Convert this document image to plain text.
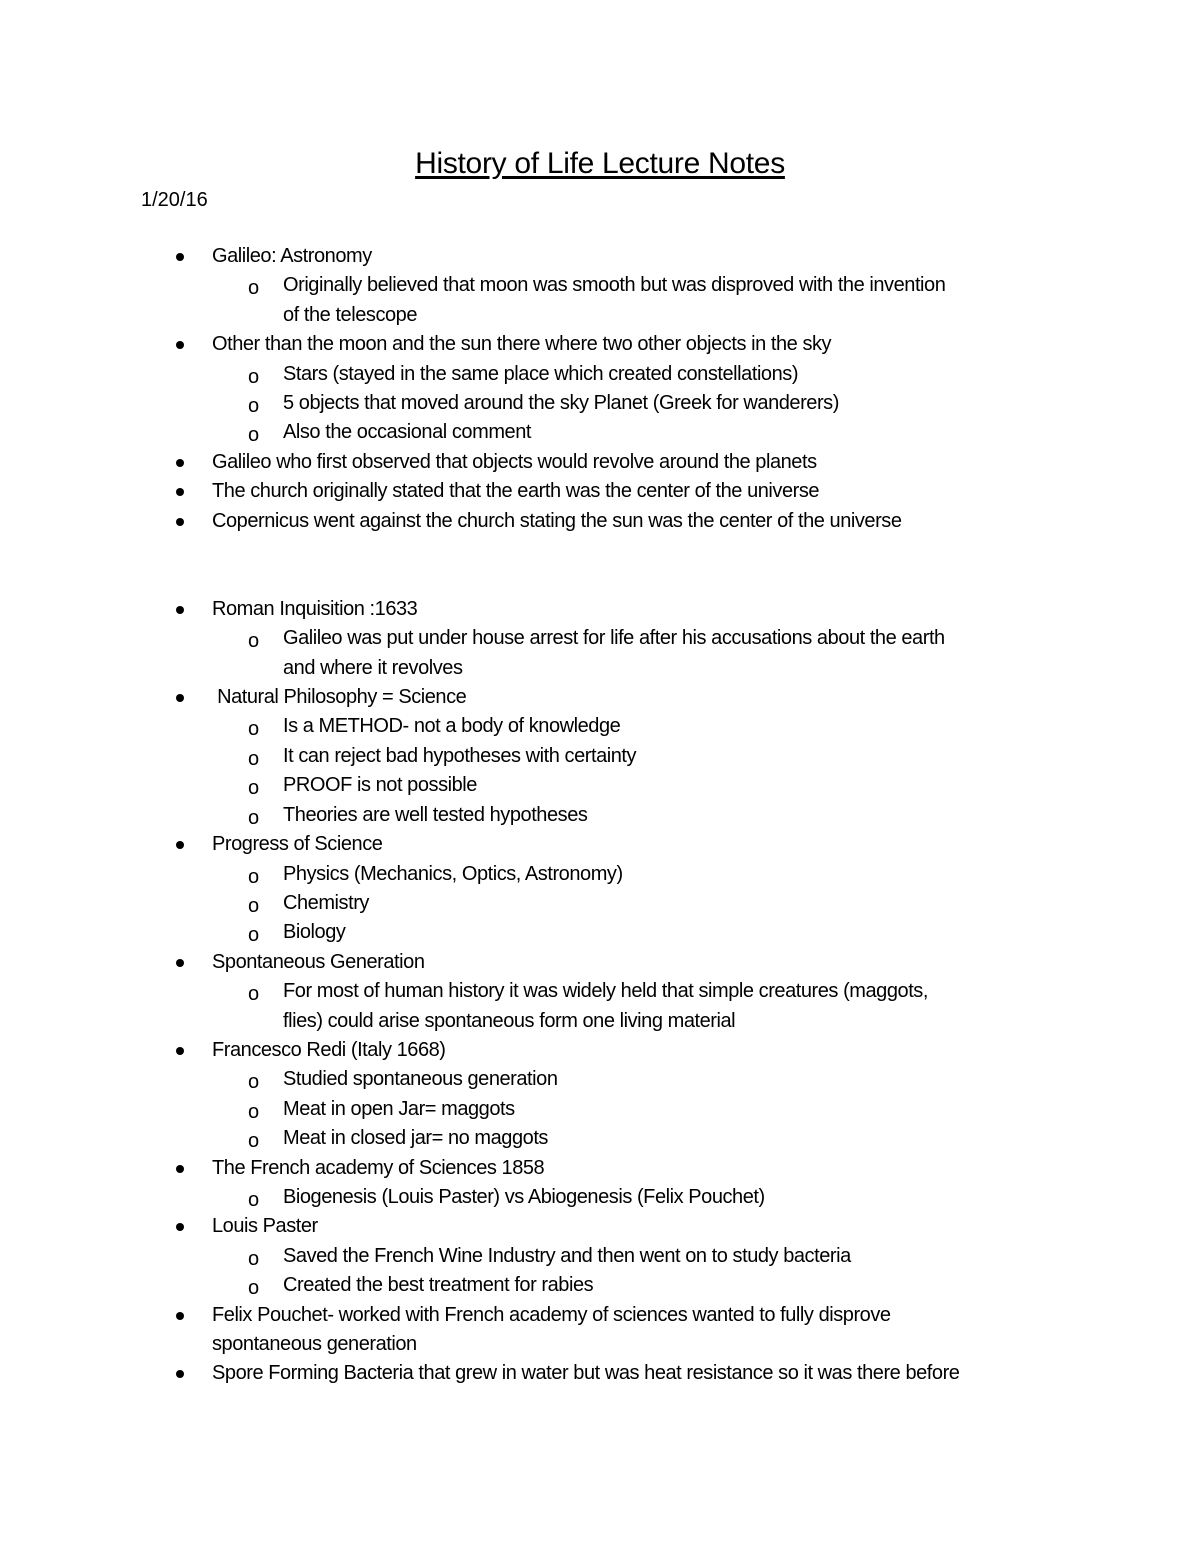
History of Life Lecture Notes
1/20/16
Galileo: Astronomy
o Originally believed that moon was smooth but was disproved with the invention
of the telescope
Other than the moon and the sun there where two other objects in the sky
o Stars (stayed in the same place which created constellations)
o 5 objects that moved around the sky Planet (Greek for wanderers)
o Also the occasional comment
Galileo who first observed that objects would revolve around the planets
The church originally stated that the earth was the center of the universe
Copernicus went against the church stating the sun was the center of the universe
Roman Inquisition :1633
o Galileo was put under house arrest for life after his accusations about the earth
and where it revolves
Natural Philosophy = Science
o Is a METHOD- not a body of knowledge
o It can reject bad hypotheses with certainty
o PROOF is not possible
o Theories are well tested hypotheses
Progress of Science
o Physics (Mechanics, Optics, Astronomy)
o Chemistry
o Biology
Spontaneous Generation
o For most of human history it was widely held that simple creatures (maggots,
flies) could arise spontaneous form one living material
Francesco Redi (Italy 1668)
o Studied spontaneous generation
o Meat in open Jar= maggots
o Meat in closed jar= no maggots
The French academy of Sciences 1858
o Biogenesis (Louis Paster) vs Abiogenesis (Felix Pouchet)
Louis Paster
o Saved the French Wine Industry and then went on to study bacteria
o Created the best treatment for rabies
Felix Pouchet- worked with French academy of sciences wanted to fully disprove
spontaneous generation
Spore Forming Bacteria that grew in water but was heat resistance so it was there before
